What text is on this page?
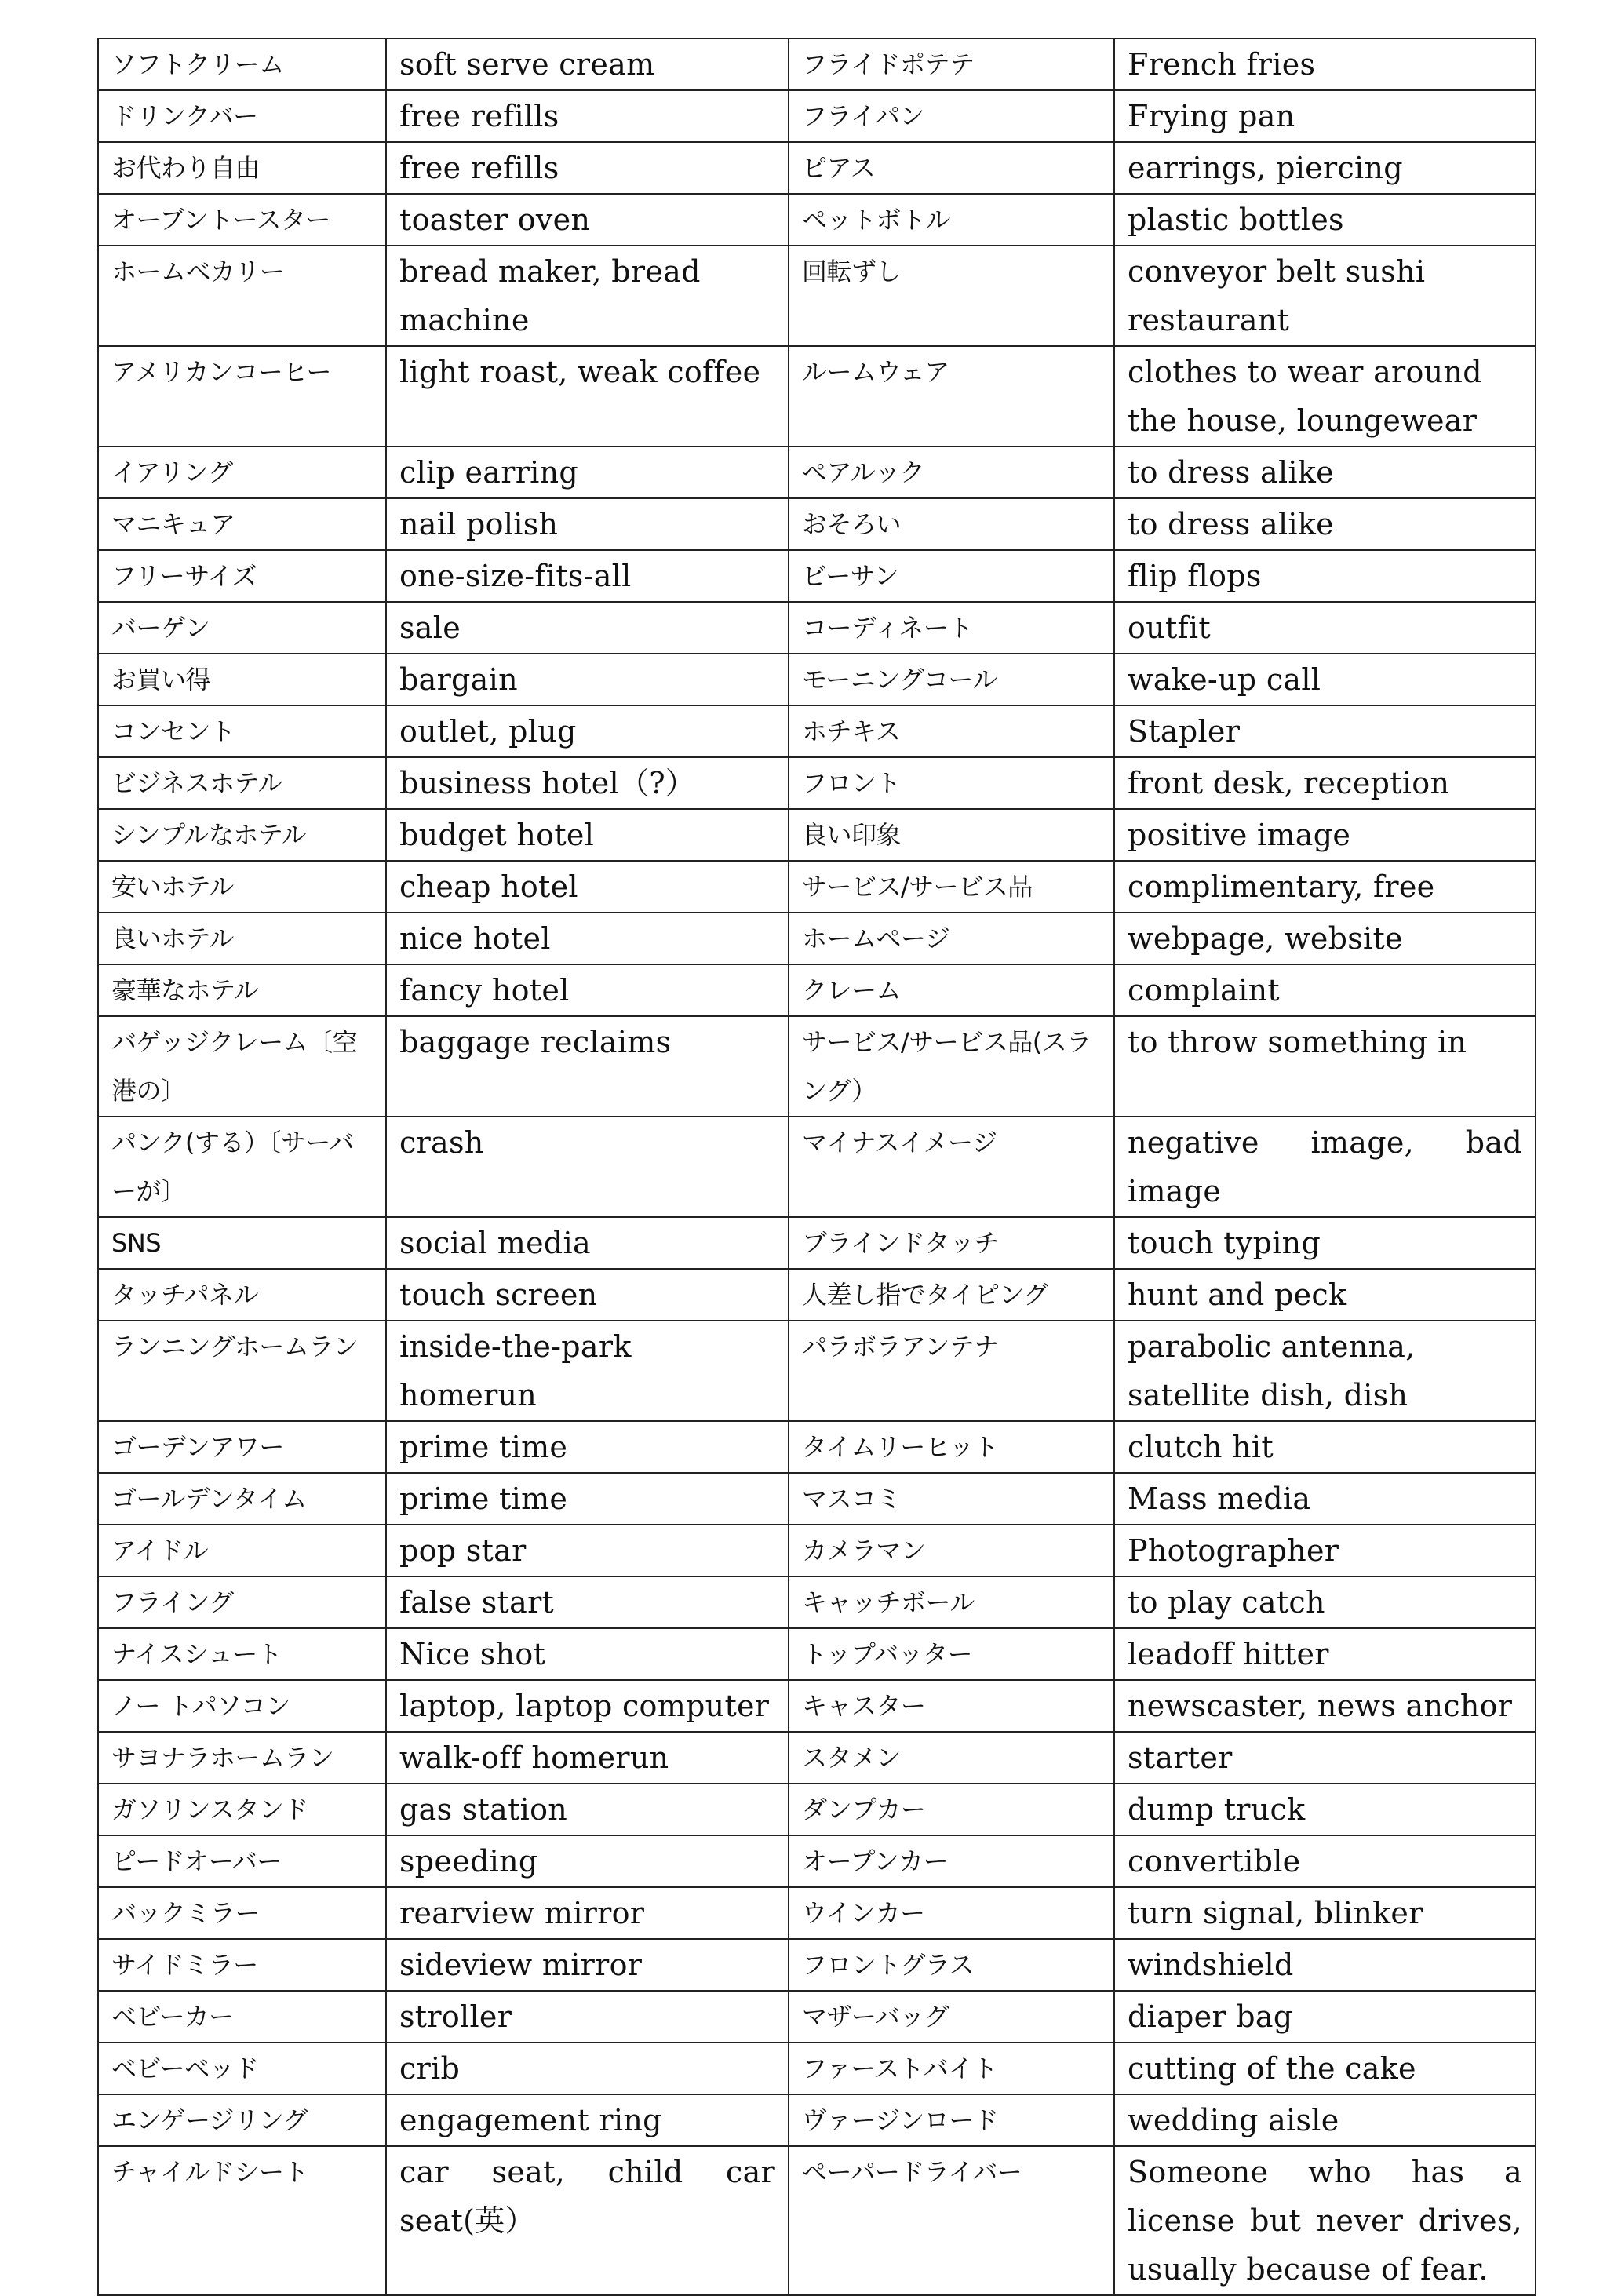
ソフトクリーム	soft serve cream	フライドポテテ	French fries
ドリンクバー	free refills	フライパン	Frying pan
お代わり自由	free refills	ピアス	earrings, piercing
オーブントースター	toaster oven	ペットボトル	plastic bottles
ホームベカリー	bread maker, bread machine	回転ずし	conveyor belt sushi restaurant
アメリカンコーヒー	light roast, weak coffee	ルームウェア	clothes to wear around the house, loungewear
イアリング	clip earring	ペアルック	to dress alike
マニキュア	nail polish	おそろい	to dress alike
フリーサイズ	one-size-fits-all	ビーサン	flip flops
バーゲン	sale	コーディネート	outfit
お買い得	bargain	モーニングコール	wake-up call
コンセント	outlet, plug	ホチキス	Stapler
ビジネスホテル	business hotel（?）	フロント	front desk, reception
シンプルなホテル	budget hotel	良い印象	positive image
安いホテル	cheap hotel	サービス/サービス品	complimentary, free
良いホテル	nice hotel	ホームページ	webpage, website
豪華なホテル	fancy hotel	クレーム	complaint
バゲッジクレーム〔空港の〕	baggage reclaims	サービス/サービス品(スラング）	to throw something in
パンク(する）〔サーバーが〕	crash	マイナスイメージ	negative image, bad image
SNS	social media	ブラインドタッチ	touch typing
タッチパネル	touch screen	人差し指でタイピング	hunt and peck
ランニングホームラン	inside-the-park homerun	パラボラアンテナ	parabolic antenna, satellite dish, dish
ゴーデンアワー	prime time	タイムリーヒット	clutch hit
ゴールデンタイム	prime time	マスコミ	Mass media
アイドル	pop star	カメラマン	Photographer
フライング	false start	キャッチボール	to play catch
ナイスシュート	Nice shot	トップバッター	leadoff hitter
ノー トパソコン	laptop, laptop computer	キャスター	newscaster, news anchor
サヨナラホームラン	walk-off homerun	スタメン	starter
ガソリンスタンド	gas station	ダンプカー	dump truck
ピードオーバー	speeding	オープンカー	convertible
バックミラー	rearview mirror	ウインカー	turn signal, blinker
サイドミラー	sideview mirror	フロントグラス	windshield
ベビーカー	stroller	マザーバッグ	diaper bag
ベビーベッド	crib	ファーストバイト	cutting of the cake
エンゲージリング	engagement ring	ヴァージンロード	wedding aisle
チャイルドシート	car seat, child car seat(英）	ペーパードライバー	Someone who has a license but never drives, usually because of fear.
